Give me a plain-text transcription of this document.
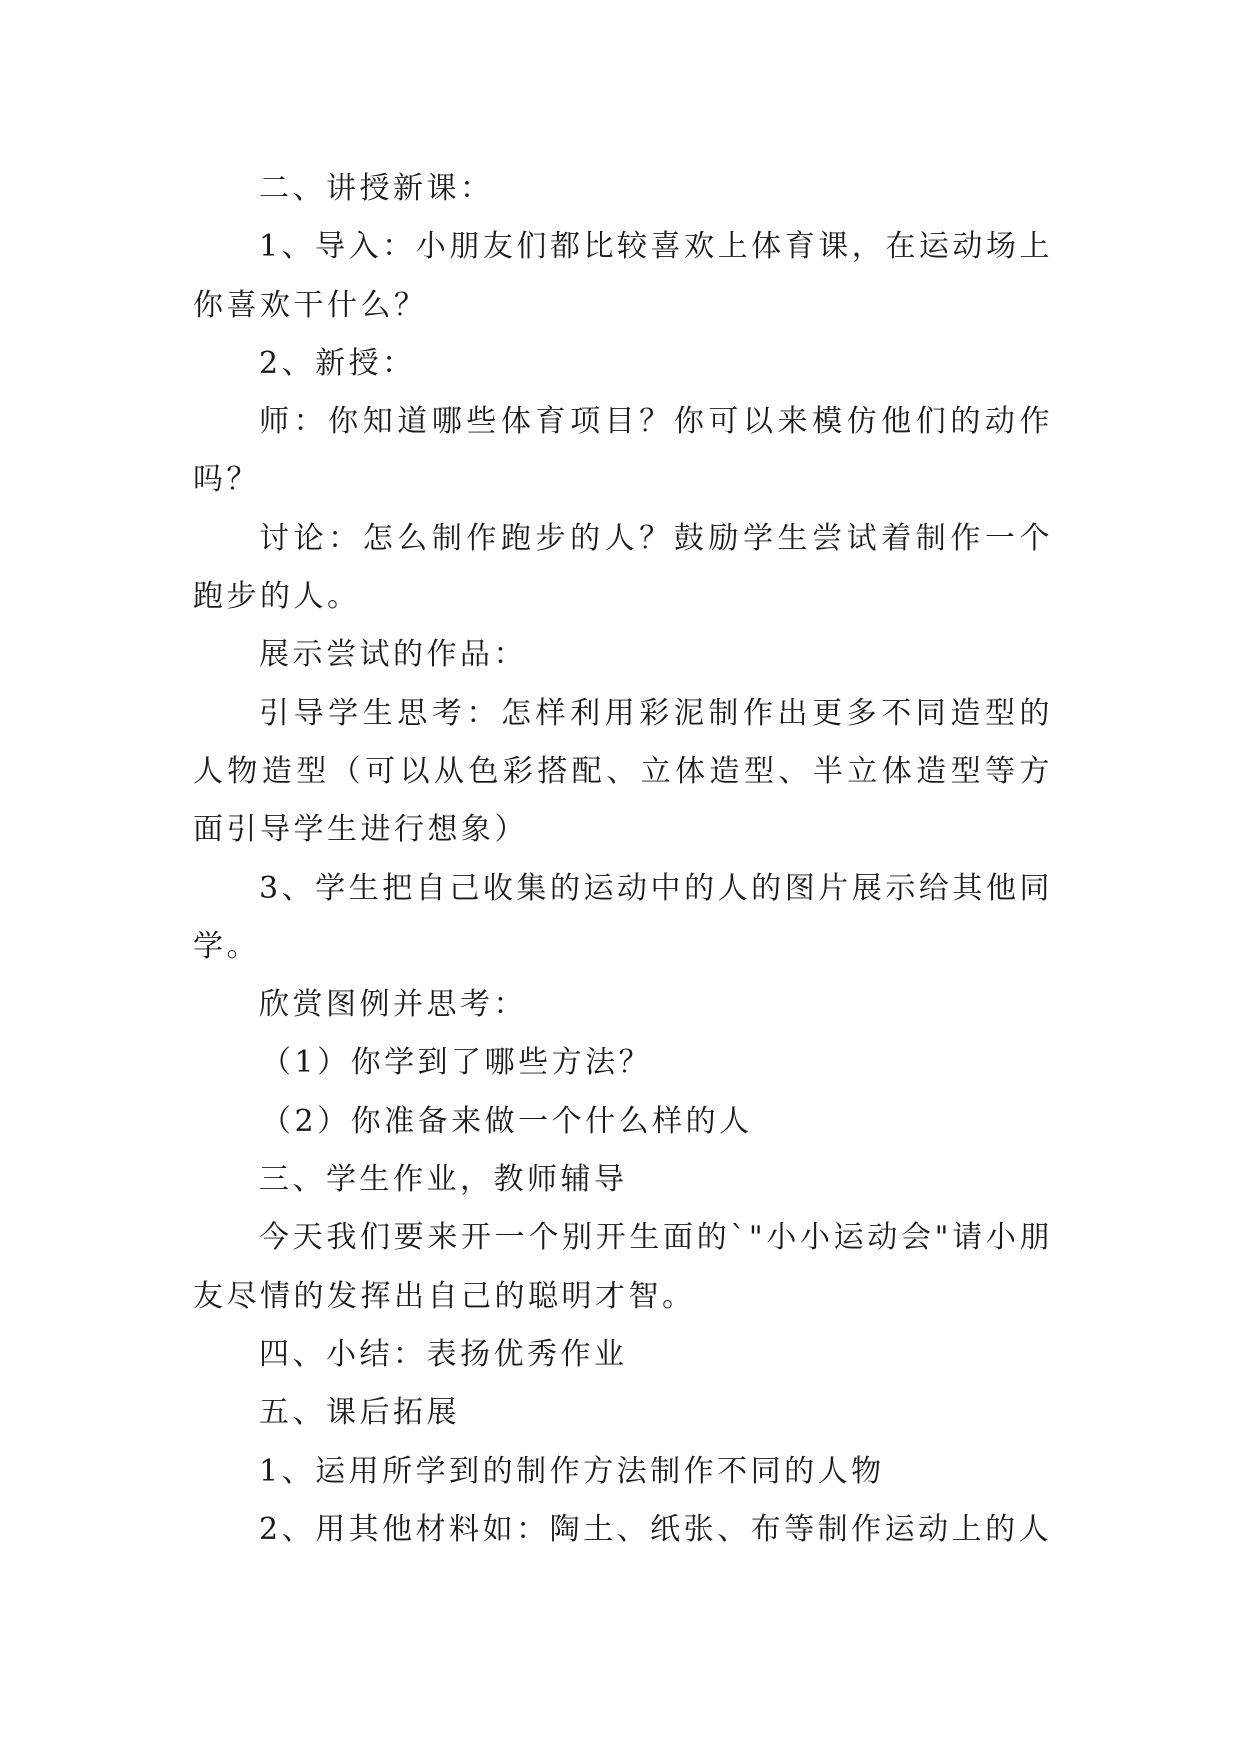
二、讲授新课：

1、导入：小朋友们都比较喜欢上体育课，在运动场上你喜欢干什么？

2、新授：

师：你知道哪些体育项目？你可以来模仿他们的动作吗？

讨论：怎么制作跑步的人？鼓励学生尝试着制作一个跑步的人。

展示尝试的作品：

引导学生思考：怎样利用彩泥制作出更多不同造型的人物造型（可以从色彩搭配、立体造型、半立体造型等方面引导学生进行想象）

3、学生把自己收集的运动中的人的图片展示给其他同学。

欣赏图例并思考：

（1）你学到了哪些方法？

（2）你准备来做一个什么样的人

三、学生作业，教师辅导

今天我们要来开一个别开生面的`"小小运动会"请小朋友尽情的发挥出自己的聪明才智。

四、小结：表扬优秀作业

五、课后拓展

1、运用所学到的制作方法制作不同的人物

2、用其他材料如：陶土、纸张、布等制作运动上的人
